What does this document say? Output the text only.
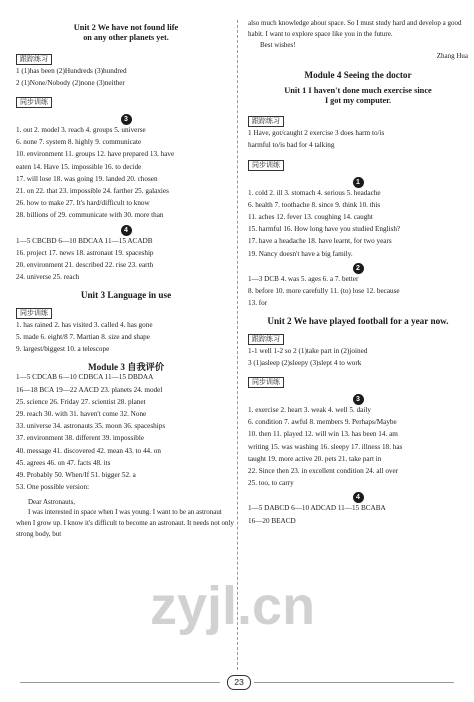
Unit 2 We have not found life
on any other planets yet.
跟踪练习
1 (1)has been (2)Hundreds (3)hundred
2 (1)None/Nobody (2)none (3)neither
同步训练
3
1. out 2. model 3. reach 4. groups 5. universe
6. none 7. system 8. highly 9. communicate
10. environment 11. groups 12. have prepared 13. have
eaten 14. Have 15. impossible 16. to decide
17. will lose 18. was going 19. landed 20. chosen
21. on 22. that 23. impossible 24. farther 25. galaxies
26. how to make 27. It's hard/difficult to know
28. billions of 29. communicate with 30. more than
4
1—5 CBCBD 6—10 BDCAA 11—15 ACADB
16. project 17. news 18. astronaut 19. spaceship
20. environment 21. described 22. rise 23. earth
24. universe 25. reach
Unit 3 Language in use
同步训练
1. has rained 2. has visited 3. called 4. has gone
5. made 6. eight/8 7. Martian 8. size and shape
9. largest/biggest 10. a telescope
Module 3 自我评价
1—5 CDCAB 6—10 CDBCA 11—15 DBDAA
16—18 BCA 19—22 AACD 23. planets 24. model
25. science 26. Friday 27. scientist 28. planet
29. reach 30. with 31. haven't come 32. None
33. universe 34. astronauts 35. moon 36. spaceships
37. environment 38. different 39. impossible
40. message 41. discovered 42. mean 43. to 44. on
45. agrees 46. on 47. facts 48. its
49. Probably 50. When/If 51. bigger 52. a
53. One possible version:
Dear Astronauts,
I was interested in space when I was young. I want to be an astronaut when I grow up. I know it's difficult to become an astronaut. It needs not only strong body, but
also much knowledge about space. So I must study hard and develop a good habit. I want to explore space like you in the future.
Best wishes!
Zhang Hua
Module 4 Seeing the doctor
Unit 1 I haven't done much exercise since
I got my computer.
跟踪练习
1 Have, got/caught 2 exercise 3 does harm to/is
harmful to/is bad for 4 talking
同步训练
1
1. cold 2. ill 3. stomach 4. serious 5. headache
6. health 7. toothache 8. since 9. think 10. this
11. aches 12. fever 13. coughing 14. caught
15. harmful 16. How long have you studied English?
17. have a headache 18. have learnt, for two years
19. Nancy doesn't have a big family.
2
1—3 DCB 4. was 5. ages 6. a 7. better
8. before 10. more carefully 11. (to) lose 12. because
13. for
Unit 2 We have played football for a year now.
跟踪练习
1-1 well 1-2 so 2 (1)take part in (2)joined
3 (1)asleep (2)sleepy (3)slept 4 to work
同步训练
3
1. exercise 2. heart 3. weak 4. well 5. daily
6. condition 7. awful 8. members 9. Perhaps/Maybe
10. then 11. played 12. will win 13. has been 14. am
writing 15. was washing 16. sleepy 17. illness 18. has
taught 19. more active 20. pets 21. take part in
22. Since then 23. in excellent condition 24. all over
25. too, to carry
4
1—5 DABCD 6—10 ADCAD 11—15 BCABA
16—20 BEACD
zyjl.cn
23
